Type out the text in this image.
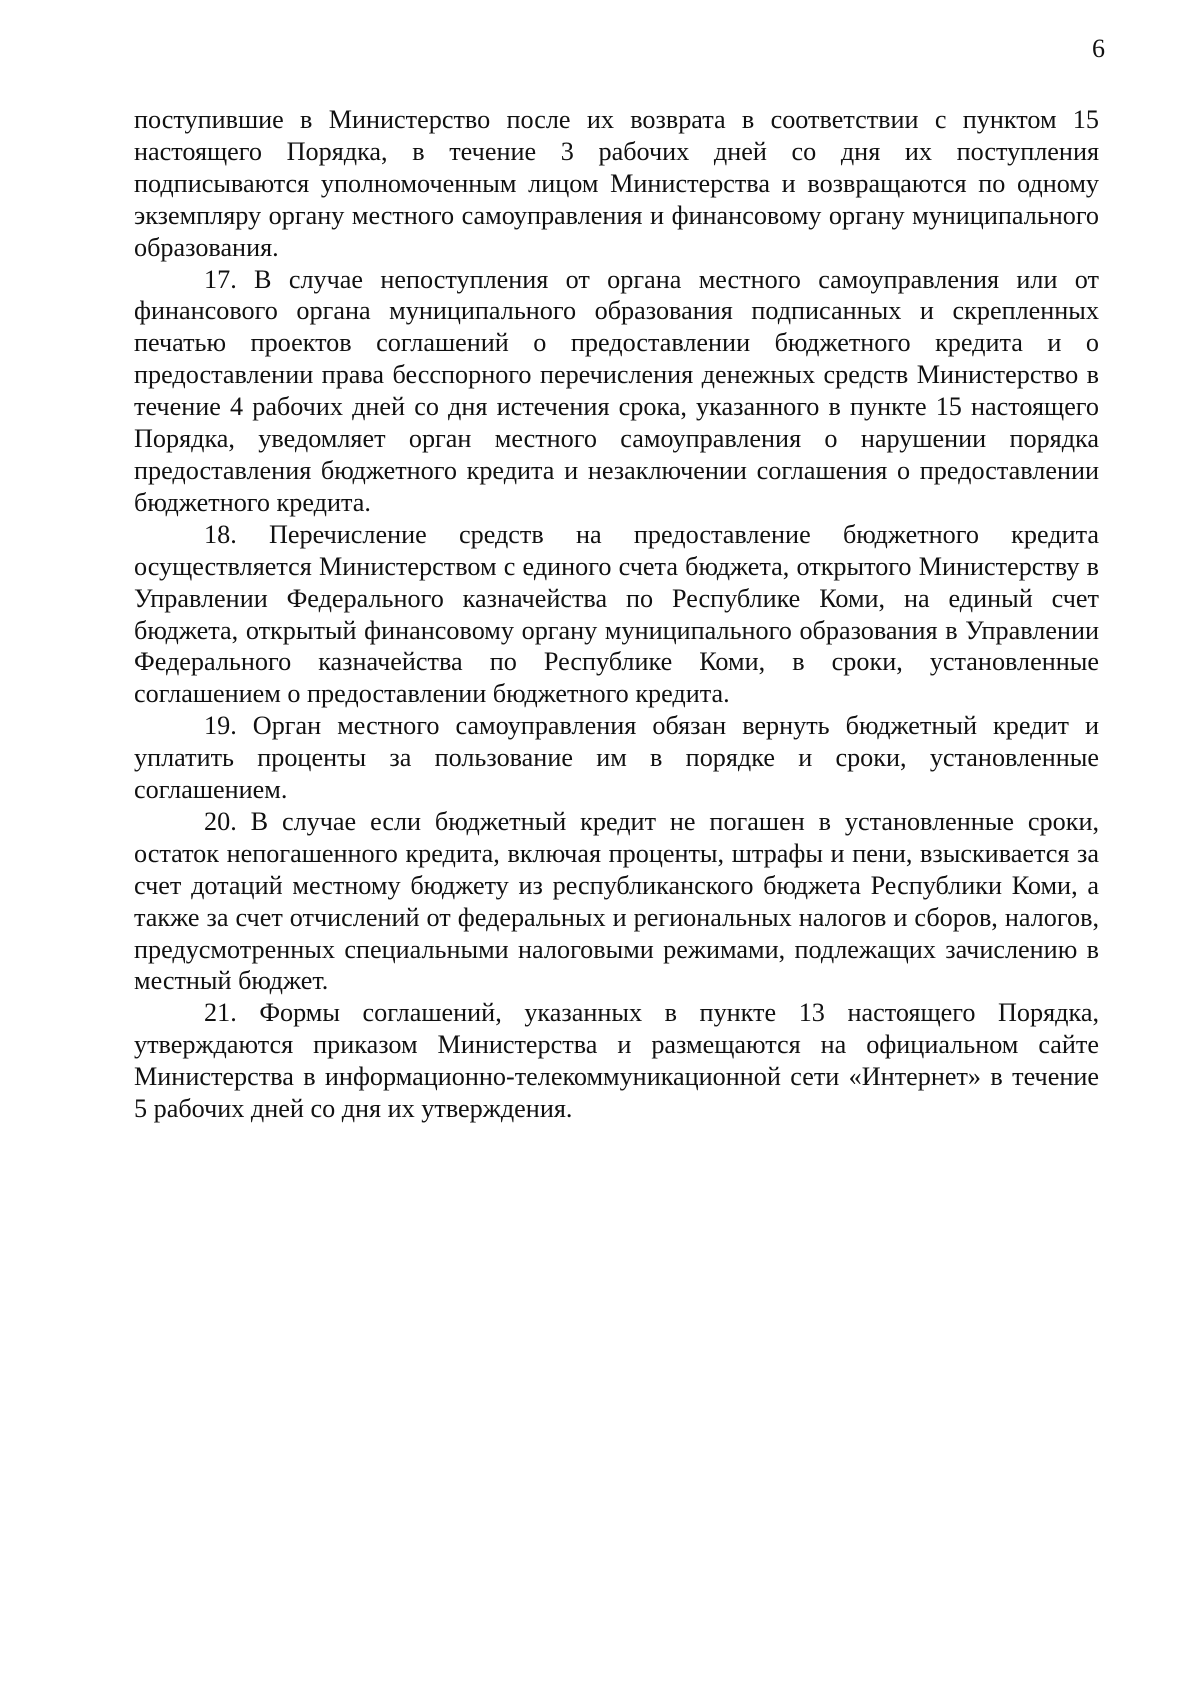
6

поступившие в Министерство после их возврата в соответствии с пунктом 15 настоящего Порядка, в течение 3 рабочих дней со дня их поступления подписываются уполномоченным лицом Министерства и возвращаются по одному экземпляру органу местного самоуправления и финансовому органу муниципального образования.

17. В случае непоступления от органа местного самоуправления или от финансового органа муниципального образования подписанных и скрепленных печатью проектов соглашений о предоставлении бюджетного кредита и о предоставлении права бесспорного перечисления денежных средств Министерство в течение 4 рабочих дней со дня истечения срока, указанного в пункте 15 настоящего Порядка, уведомляет орган местного самоуправления о нарушении порядка предоставления бюджетного кредита и незаключении соглашения о предоставлении бюджетного кредита.

18. Перечисление средств на предоставление бюджетного кредита осуществляется Министерством с единого счета бюджета, открытого Министерству в Управлении Федерального казначейства по Республике Коми, на единый счет бюджета, открытый финансовому органу муниципального образования в Управлении Федерального казначейства по Республике Коми, в сроки, установленные соглашением о предоставлении бюджетного кредита.

19. Орган местного самоуправления обязан вернуть бюджетный кредит и уплатить проценты за пользование им в порядке и сроки, установленные соглашением.

20. В случае если бюджетный кредит не погашен в установленные сроки, остаток непогашенного кредита, включая проценты, штрафы и пени, взыскивается за счет дотаций местному бюджету из республиканского бюджета Республики Коми, а также за счет отчислений от федеральных и региональных налогов и сборов, налогов, предусмотренных специальными налоговыми режимами, подлежащих зачислению в местный бюджет.

21. Формы соглашений, указанных в пункте 13 настоящего Порядка, утверждаются приказом Министерства и размещаются на официальном сайте Министерства в информационно-телекоммуникационной сети «Интернет» в течение 5 рабочих дней со дня их утверждения.
